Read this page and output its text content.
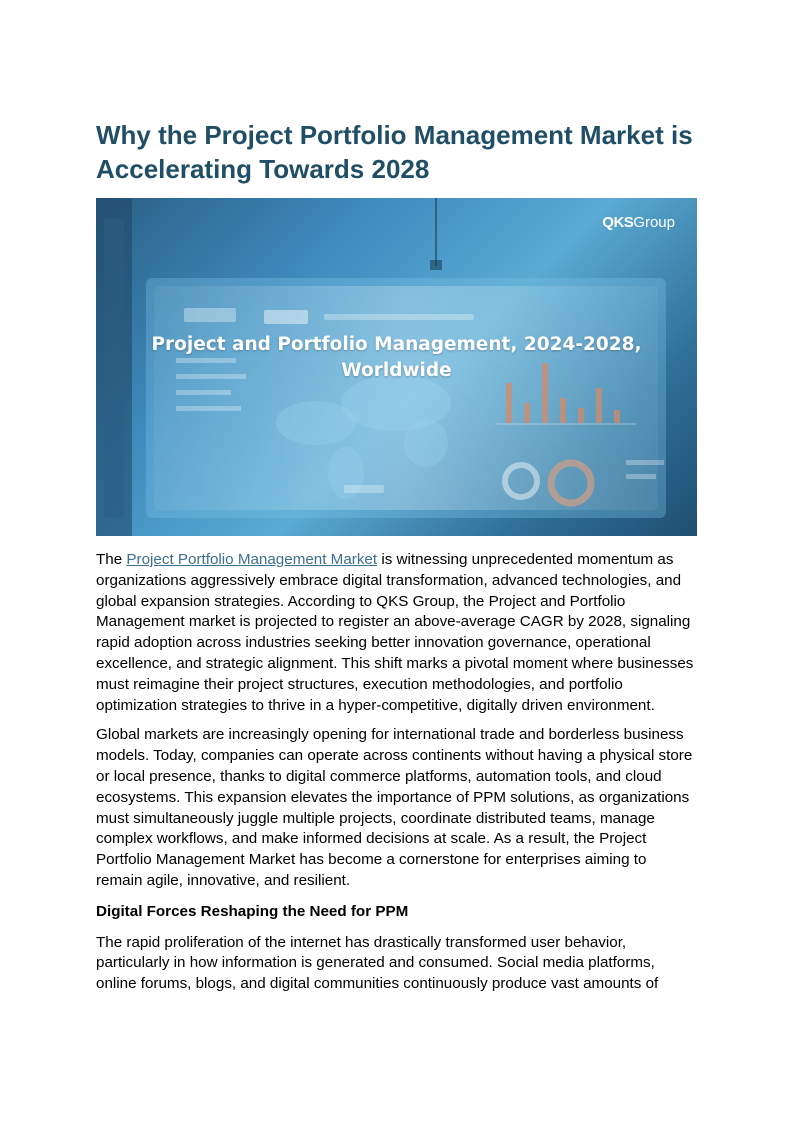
Why the Project Portfolio Management Market is Accelerating Towards 2028
QKSGroup
Project and Portfolio Management, 2024-2028,
Worldwide

The Project Portfolio Management Market is witnessing unprecedented momentum as organizations aggressively embrace digital transformation, advanced technologies, and global expansion strategies. According to QKS Group, the Project and Portfolio Management market is projected to register an above-average CAGR by 2028, signaling rapid adoption across industries seeking better innovation governance, operational excellence, and strategic alignment. This shift marks a pivotal moment where businesses must reimagine their project structures, execution methodologies, and portfolio optimization strategies to thrive in a hyper-competitive, digitally driven environment.

Global markets are increasingly opening for international trade and borderless business models. Today, companies can operate across continents without having a physical store or local presence, thanks to digital commerce platforms, automation tools, and cloud ecosystems. This expansion elevates the importance of PPM solutions, as organizations must simultaneously juggle multiple projects, coordinate distributed teams, manage complex workflows, and make informed decisions at scale. As a result, the Project Portfolio Management Market has become a cornerstone for enterprises aiming to remain agile, innovative, and resilient.

Digital Forces Reshaping the Need for PPM

The rapid proliferation of the internet has drastically transformed user behavior, particularly in how information is generated and consumed. Social media platforms, online forums, blogs, and digital communities continuously produce vast amounts of
